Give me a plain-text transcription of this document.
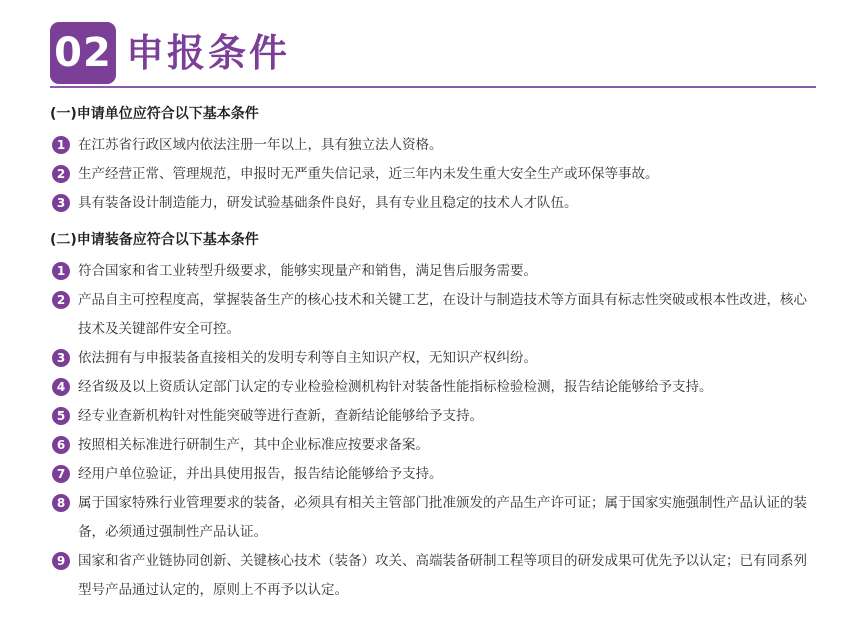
02 申报条件
(一)申请单位应符合以下基本条件
1 在江苏省行政区域内依法注册一年以上，具有独立法人资格。
2 生产经营正常、管理规范，申报时无严重失信记录，近三年内未发生重大安全生产或环保等事故。
3 具有装备设计制造能力，研发试验基础条件良好，具有专业且稳定的技术人才队伍。
(二)申请装备应符合以下基本条件
1 符合国家和省工业转型升级要求，能够实现量产和销售，满足售后服务需要。
2 产品自主可控程度高，掌握装备生产的核心技术和关键工艺，在设计与制造技术等方面具有标志性突破或根本性改进，核心技术及关键部件安全可控。
3 依法拥有与申报装备直接相关的发明专利等自主知识产权，无知识产权纠纷。
4 经省级及以上资质认定部门认定的专业检验检测机构针对装备性能指标检验检测，报告结论能够给予支持。
5 经专业查新机构针对性能突破等进行查新，查新结论能够给予支持。
6 按照相关标准进行研制生产，其中企业标准应按要求备案。
7 经用户单位验证，并出具使用报告，报告结论能够给予支持。
8 属于国家特殊行业管理要求的装备，必须具有相关主管部门批准颁发的产品生产许可证；属于国家实施强制性产品认证的装备，必须通过强制性产品认证。
9 国家和省产业链协同创新、关键核心技术（装备）攻关、高端装备研制工程等项目的研发成果可优先予以认定；已有同系列型号产品通过认定的，原则上不再予以认定。
